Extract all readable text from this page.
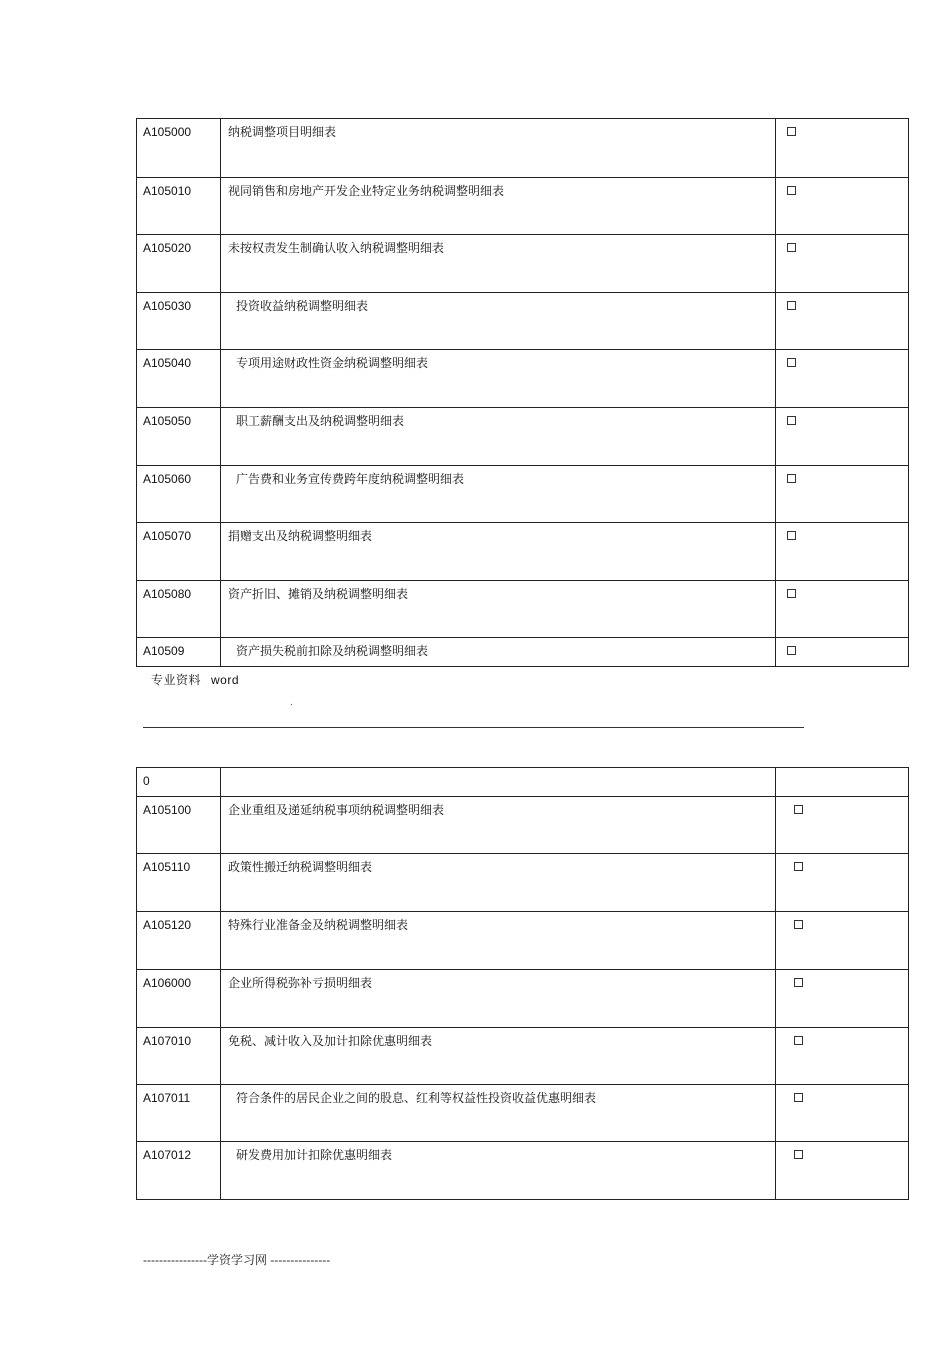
A105000	纳税调整项目明细表	
A105010	视同销售和房地产开发企业特定业务纳税调整明细表	
A105020	未按权责发生制确认收入纳税调整明细表	
A105030	投资收益纳税调整明细表	
A105040	专项用途财政性资金纳税调整明细表	
A105050	职工薪酬支出及纳税调整明细表	
A105060	广告费和业务宣传费跨年度纳税调整明细表	
A105070	捐赠支出及纳税调整明细表	
A105080	资产折旧、摊销及纳税调整明细表	
A10509	资产损失税前扣除及纳税调整明细表	
专业资料 word
.
0		
A105100	企业重组及递延纳税事项纳税调整明细表	
A105110	政策性搬迁纳税调整明细表	
A105120	特殊行业准备金及纳税调整明细表	
A106000	企业所得税弥补亏损明细表	
A107010	免税、减计收入及加计扣除优惠明细表	
A107011	符合条件的居民企业之间的股息、红利等权益性投资收益优惠明细表	
A107012	研发费用加计扣除优惠明细表	
----------------学资学习网 ---------------
